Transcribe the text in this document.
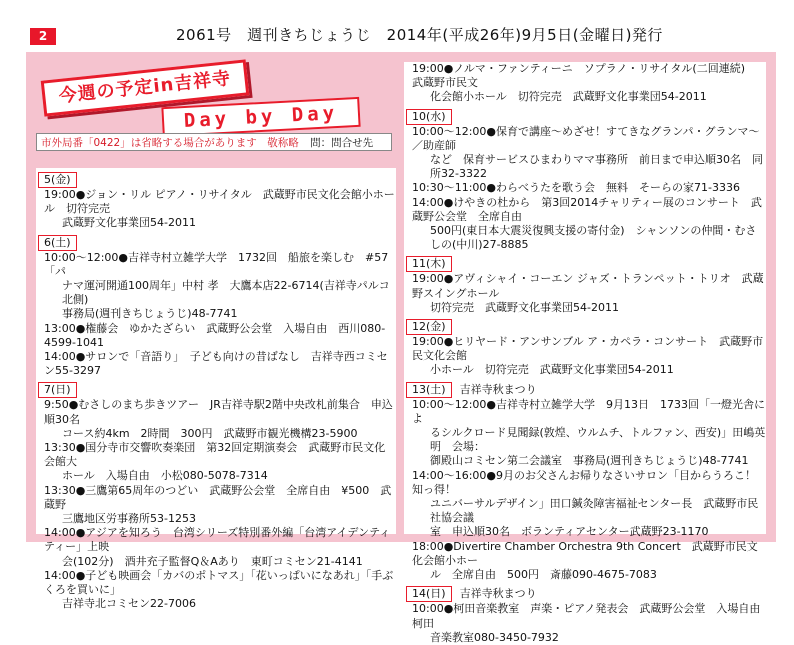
2	2061号　週刊きちじょうじ　2014年(平成26年)9月5日(金曜日)発行
今週の予定in吉祥寺
Day by Day
市外局番「0422」は省略する場合があります　敬称略 問：問合せ先
5(金)

19:00●ジョン・リル ピアノ・リサイタル　武蔵野市民文化会館小ホール　切符完売

武蔵野文化事業団54-2011

6(土)

10:00～12:00●吉祥寺村立雑学大学　1732回　船旅を楽しむ　#57「パ

ナマ運河開通100周年」中村 孝　大鷹本店22-6714(吉祥寺パルコ北側)

事務局(週刊きちじょうじ)48-7741

13:00●権藤会　ゆかたざらい　武蔵野公会堂　入場自由　西川080-4599-1041

14:00●サロンで「音語り」　子ども向けの昔ばなし　吉祥寺西コミセン55-3297

7(日)

9:50●むさしのまち歩きツアー　JR吉祥寺駅2階中央改札前集合　申込順30名

コース約4km　2時間　300円　武蔵野市観光機構23-5900

13:30●国分寺市交響吹奏楽団　第32回定期演奏会　武蔵野市民文化会館大

ホール　入場自由　小松080-5078-7314

13:30●三鷹第65周年のつどい　武蔵野公会堂　全席自由　¥500　武蔵野

三鷹地区労事務所53-1253

14:00●アジアを知ろう　台湾シリーズ特別番外編「台湾アイデンティティー」上映

会(102分)　酒井充子監督Q＆Aあり　東町コミセン21-4141

14:00●子ども映画会「カバのポトマス」「花いっぱいになあれ」「手ぶくろを買いに」

吉祥寺北コミセン22-7006

19:00●ノルマ・ファンティーニ　ソプラノ・リサイタル(二回連続)　武蔵野市民文

化会館小ホール　切符完売　武蔵野文化事業団54-2011

10(水)

10:00～12:00●保育で講座～めざせ！すてきなグランパ・グランマ～／助産師

など　保育サービスひまわりママ事務所　前日まで申込順30名　同所32-3322

10:30～11:00●わらべうたを歌う会　無料　そーらの家71-3336

14:00●けやきの杜から　第3回2014チャリティー展のコンサート　武蔵野公会堂　全席自由

500円(東日本大震災復興支援の寄付金)　シャンソンの仲間・むさしの(中川)27-8885

11(木)

19:00●アヴィシャイ・コーエン ジャズ・トランペット・トリオ　武蔵野スイングホール

切符完売　武蔵野文化事業団54-2011

12(金)

19:00●ヒリヤード・アンサンブル ア・カペラ・コンサート　武蔵野市民文化会館

小ホール　切符完売　武蔵野文化事業団54-2011

13(土) 吉祥寺秋まつり

10:00～12:00●吉祥寺村立雑学大学　9月13日　1733回「一燈光舎によ

るシルクロード見聞録(敦煌、ウルムチ、トルファン、西安)」田嶋英明　会場：

御殿山コミセン第二会議室　事務局(週刊きちじょうじ)48-7741

14:00～16:00●9月のお父さんお帰りなさいサロン「目からうろこ！知っ得！

ユニバーサルデザイン」田口鍼灸障害福祉センター長　武蔵野市民社協会議

室　申込順30名　ボランティアセンター武蔵野23-1170

18:00●Divertire Chamber Orchestra 9th Concert　武蔵野市民文化会館小ホー

ル　全席自由　500円　斎藤090-4675-7083

14(日) 吉祥寺秋まつり

10:00●柯田音楽教室　声楽・ピアノ発表会　武蔵野公会堂　入場自由　柯田

音楽教室080-3450-7932
